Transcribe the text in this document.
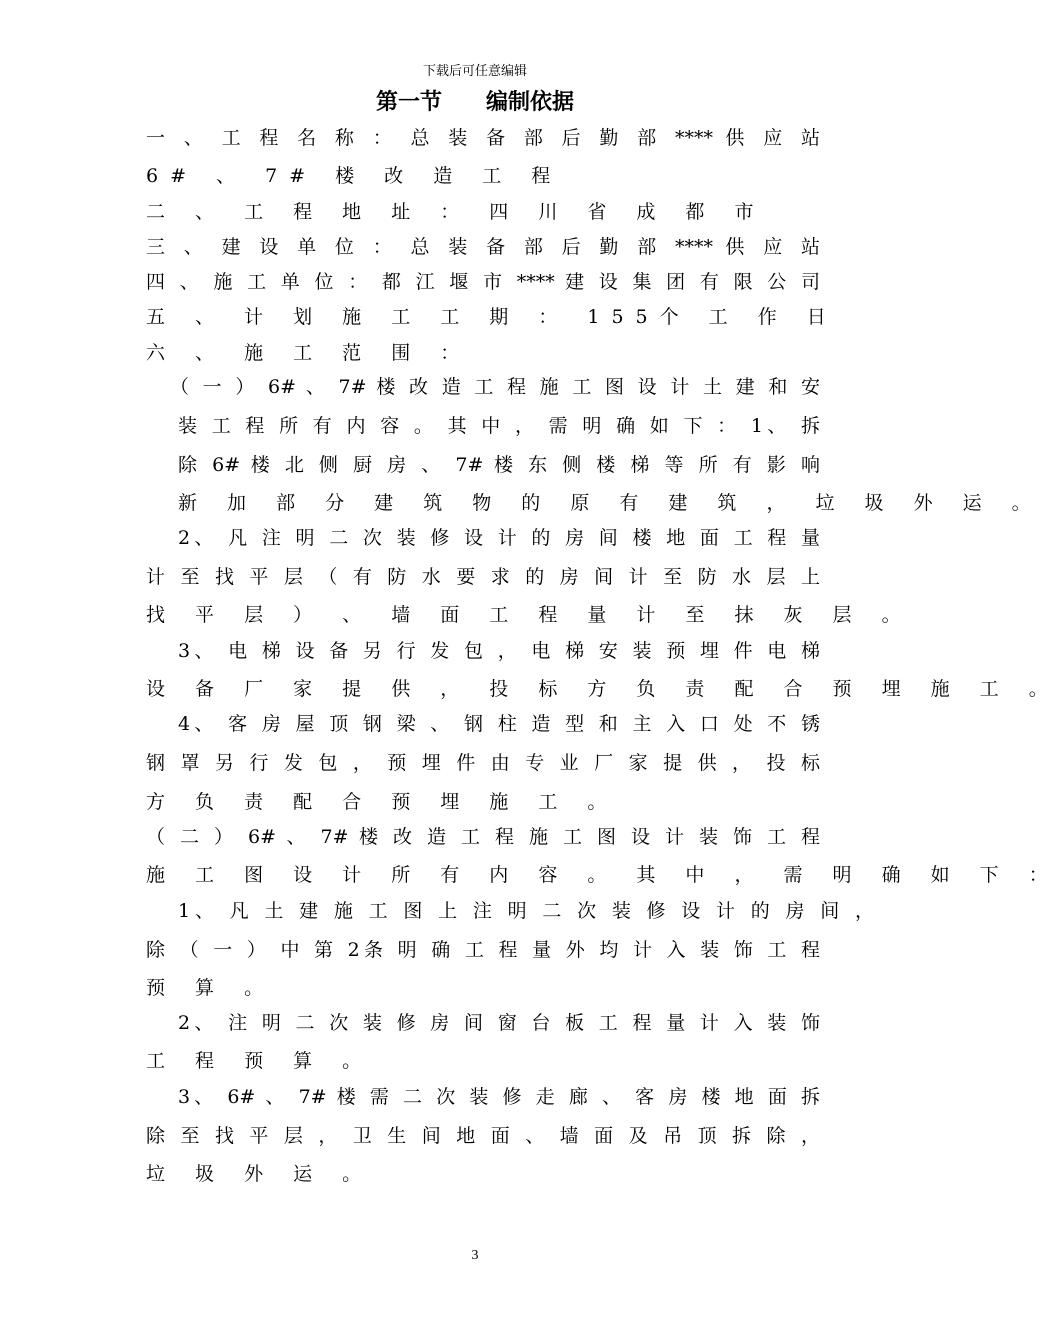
下载后可任意编辑
第一节　　编制依据
一 、 工 程 名 称 ： 总 装 备 部 后 勤 部 **** 供 应 站
6# 、 7# 楼 改 造 工 程
二 、 工 程 地 址 ： 四 川 省 成 都 市
三 、 建 设 单 位 ： 总 装 备 部 后 勤 部 **** 供 应 站
四 、 施 工 单 位 ： 都 江 堰 市 **** 建 设 集 团 有 限 公 司
五 、 计 划 施 工 工 期 ： 155个 工 作 日
六 、 施 工 范 围 ：
（ 一 ） 6# 、 7# 楼 改 造 工 程 施 工 图 设 计 土 建 和 安
装 工 程 所 有 内 容 。 其 中 ， 需 明 确 如 下 ： 1、 拆
除 6# 楼 北 侧 厨 房 、 7# 楼 东 侧 楼 梯 等 所 有 影 响
新 加 部 分 建 筑 物 的 原 有 建 筑 ， 垃 圾 外 运 。
2、 凡 注 明 二 次 装 修 设 计 的 房 间 楼 地 面 工 程 量
计 至 找 平 层 （ 有 防 水 要 求 的 房 间 计 至 防 水 层 上
找 平 层 ） 、 墙 面 工 程 量 计 至 抹 灰 层 。
3、 电 梯 设 备 另 行 发 包 ， 电 梯 安 装 预 埋 件 电 梯
设 备 厂 家 提 供 ， 投 标 方 负 责 配 合 预 埋 施 工 。
4、 客 房 屋 顶 钢 梁 、 钢 柱 造 型 和 主 入 口 处 不 锈
钢 罩 另 行 发 包 ， 预 埋 件 由 专 业 厂 家 提 供 ， 投 标
方 负 责 配 合 预 埋 施 工 。
（ 二 ） 6# 、 7# 楼 改 造 工 程 施 工 图 设 计 装 饰 工 程
施 工 图 设 计 所 有 内 容 。 其 中 ， 需 明 确 如 下 ：
1、 凡 土 建 施 工 图 上 注 明 二 次 装 修 设 计 的 房 间 ，
除 （ 一 ） 中 第 2条 明 确 工 程 量 外 均 计 入 装 饰 工 程
预 算 。
2、 注 明 二 次 装 修 房 间 窗 台 板 工 程 量 计 入 装 饰
工 程 预 算 。
3、 6# 、 7# 楼 需 二 次 装 修 走 廊 、 客 房 楼 地 面 拆
除 至 找 平 层 ， 卫 生 间 地 面 、 墙 面 及 吊 顶 拆 除 ，
垃 圾 外 运 。
3
